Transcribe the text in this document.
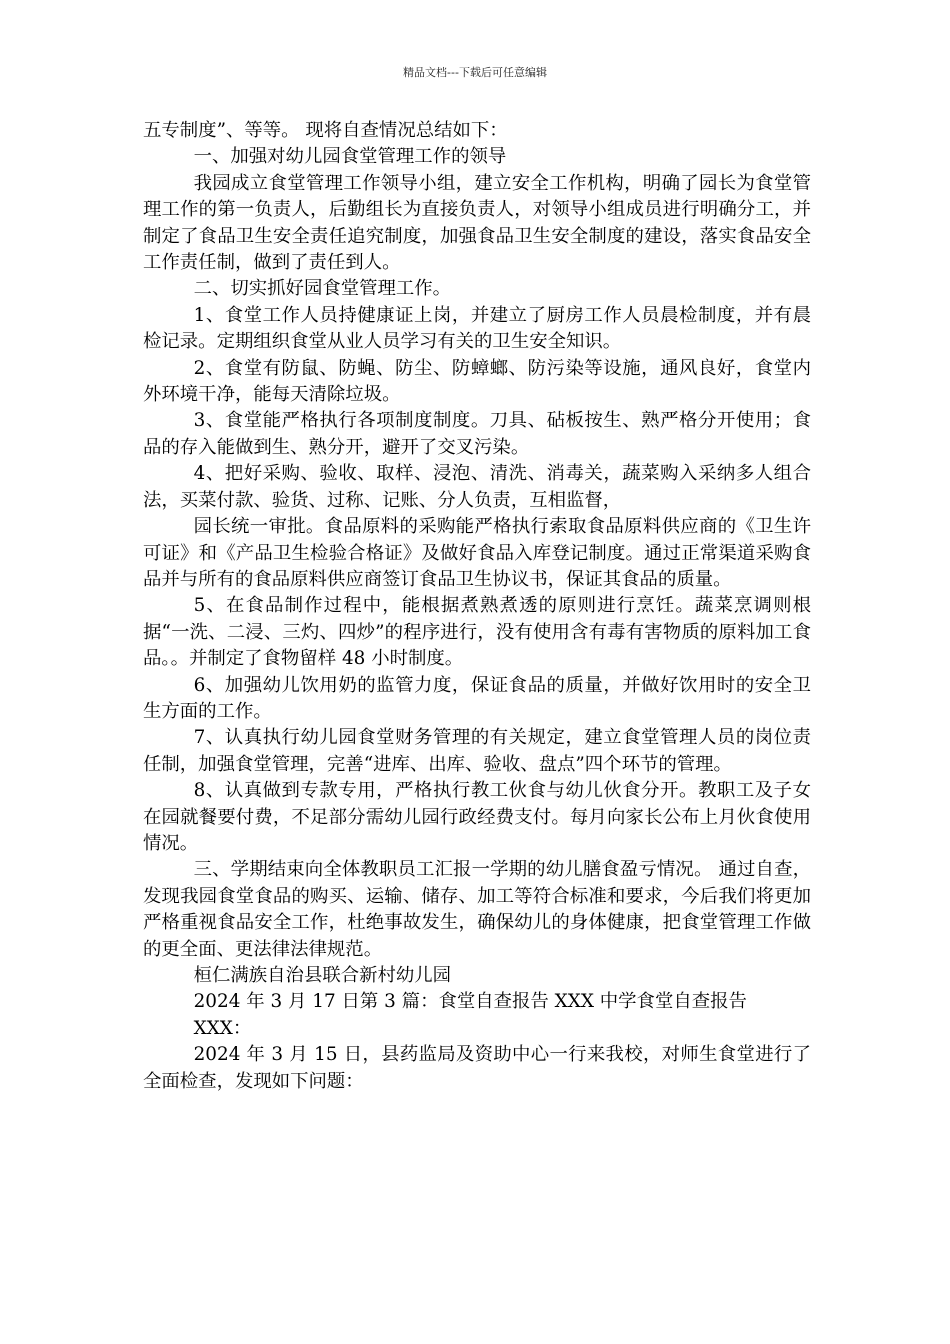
精品文档---下载后可任意编辑

五专制度”、等等。 现将自查情况总结如下：

一、加强对幼儿园食堂管理工作的领导

我园成立食堂管理工作领导小组，建立安全工作机构，明确了园长为食堂管理工作的第一负责人，后勤组长为直接负责人，对领导小组成员进行明确分工，并制定了食品卫生安全责任追究制度，加强食品卫生安全制度的建设，落实食品安全工作责任制，做到了责任到人。

二、切实抓好园食堂管理工作。

1、食堂工作人员持健康证上岗，并建立了厨房工作人员晨检制度，并有晨检记录。定期组织食堂从业人员学习有关的卫生安全知识。

2、食堂有防鼠、防蝇、防尘、防蟑螂、防污染等设施，通风良好，食堂内外环境干净，能每天清除垃圾。

3、食堂能严格执行各项制度制度。刀具、砧板按生、熟严格分开使用；食品的存入能做到生、熟分开，避开了交叉污染。

4、把好采购、验收、取样、浸泡、清洗、消毒关，蔬菜购入采纳多人组合法，买菜付款、验货、过称、记账、分人负责，互相监督，

园长统一审批。食品原料的采购能严格执行索取食品原料供应商的《卫生许可证》和《产品卫生检验合格证》及做好食品入库登记制度。通过正常渠道采购食品并与所有的食品原料供应商签订食品卫生协议书，保证其食品的质量。

5、在食品制作过程中，能根据煮熟煮透的原则进行烹饪。蔬菜烹调则根据“一洗、二浸、三灼、四炒”的程序进行，没有使用含有毒有害物质的原料加工食品。。并制定了食物留样 48 小时制度。

6、加强幼儿饮用奶的监管力度，保证食品的质量，并做好饮用时的安全卫生方面的工作。

7、认真执行幼儿园食堂财务管理的有关规定，建立食堂管理人员的岗位责任制，加强食堂管理，完善“进库、出库、验收、盘点”四个环节的管理。

8、认真做到专款专用，严格执行教工伙食与幼儿伙食分开。教职工及子女在园就餐要付费，不足部分需幼儿园行政经费支付。每月向家长公布上月伙食使用情况。

三、学期结束向全体教职员工汇报一学期的幼儿膳食盈亏情况。 通过自查，发现我园食堂食品的购买、运输、储存、加工等符合标准和要求，今后我们将更加严格重视食品安全工作，杜绝事故发生，确保幼儿的身体健康，把食堂管理工作做的更全面、更法律法律规范。

桓仁满族自治县联合新村幼儿园

2024 年 3 月 17 日第 3 篇：食堂自查报告 XXX 中学食堂自查报告

XXX：

2024 年 3 月 15 日，县药监局及资助中心一行来我校，对师生食堂进行了全面检查，发现如下问题：
